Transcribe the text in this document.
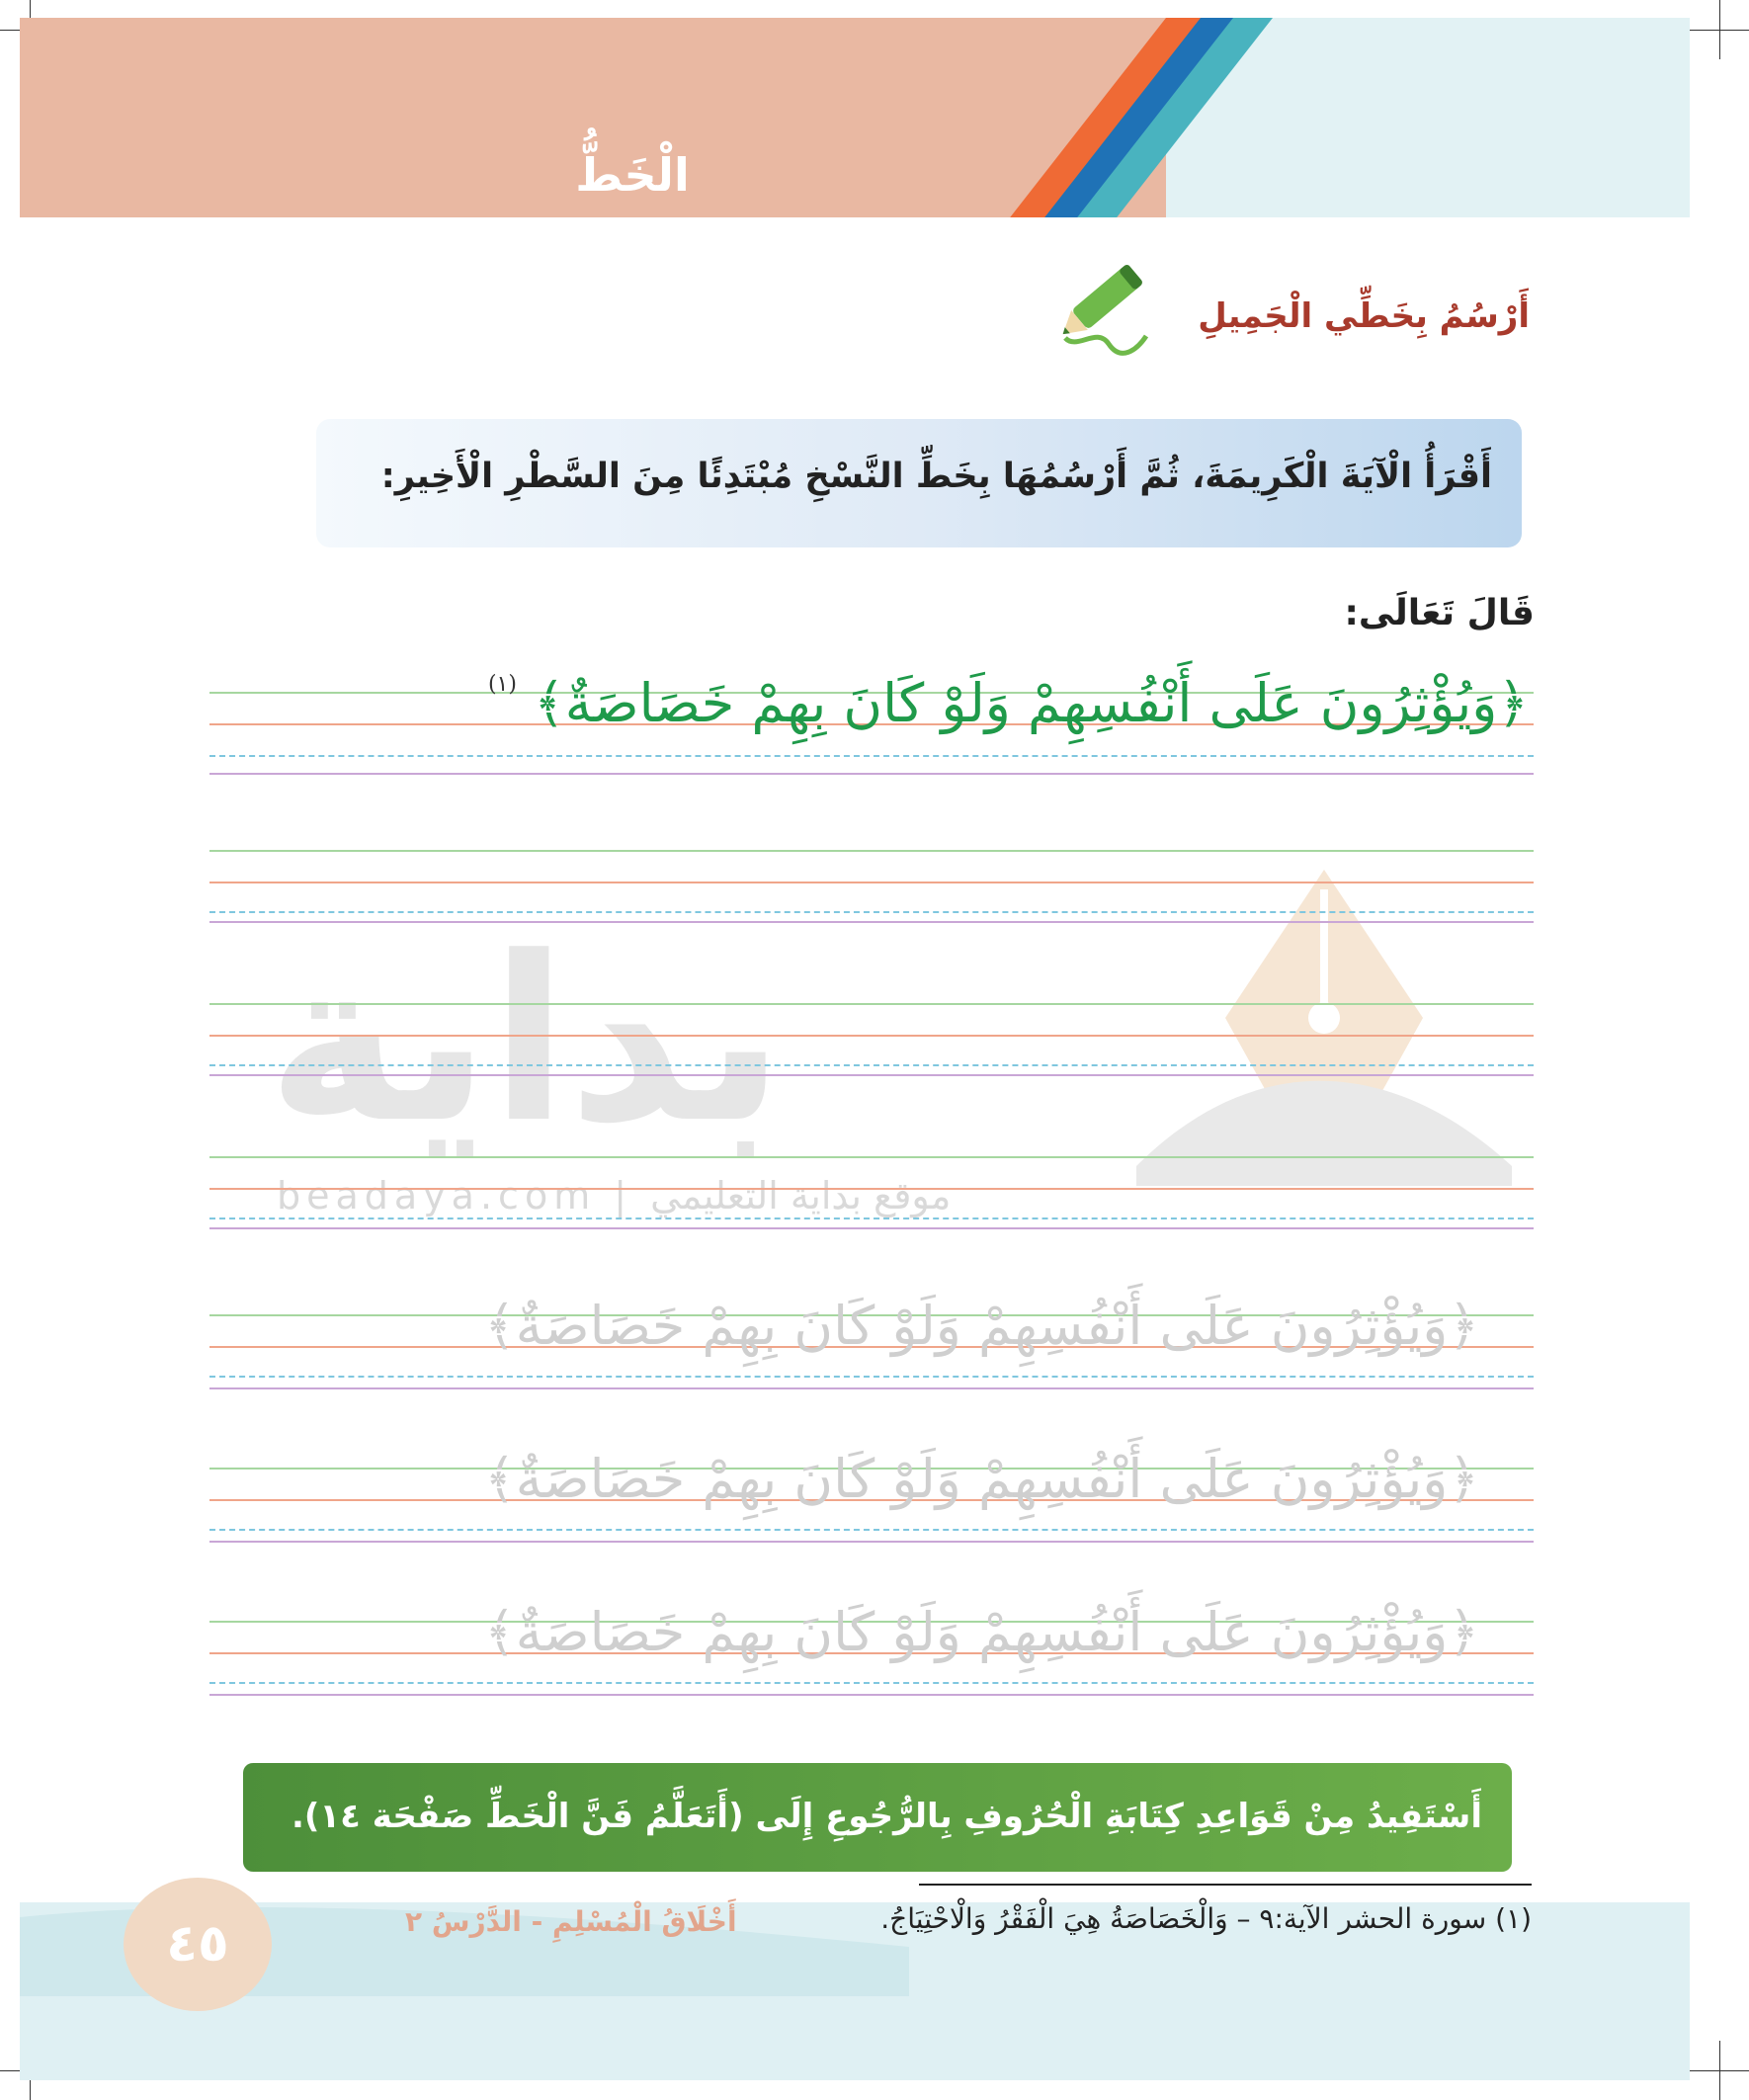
الْخَطُّ
أَرْسُمُ بِخَطِّي الْجَمِيلِ
أَقْرَأُ الْآيَةَ الْكَرِيمَةَ، ثُمَّ أَرْسُمُهَا بِخَطِّ النَّسْخِ مُبْتَدِئًا مِنَ السَّطْرِ الْأَخِيرِ:
قَالَ تَعَالَى:
بداية
beadaya.com | موقع بداية التعليمي
﴿وَيُؤْثِرُونَ عَلَى أَنْفُسِهِمْ وَلَوْ كَانَ بِهِمْ خَصَاصَةٌ﴾ $^{(١)}$
﴿وَيُؤْثِرُونَ عَلَى أَنْفُسِهِمْ وَلَوْ كَانَ بِهِمْ خَصَاصَةٌ﴾
﴿وَيُؤْثِرُونَ عَلَى أَنْفُسِهِمْ وَلَوْ كَانَ بِهِمْ خَصَاصَةٌ﴾
﴿وَيُؤْثِرُونَ عَلَى أَنْفُسِهِمْ وَلَوْ كَانَ بِهِمْ خَصَاصَةٌ﴾
أَسْتَفِيدُ مِنْ قَوَاعِدِ كِتَابَةِ الْحُرُوفِ بِالرُّجُوعِ إِلَى (أَتَعَلَّمُ فَنَّ الْخَطِّ صَفْحَة ١٤).
٤٥	أَخْلَاقُ الْمُسْلِمِ - الدَّرْسُ ٢	(١) سورة الحشر الآية:٩ – وَالْخَصَاصَةُ هِيَ الْفَقْرُ وَالْاحْتِيَاجُ.
